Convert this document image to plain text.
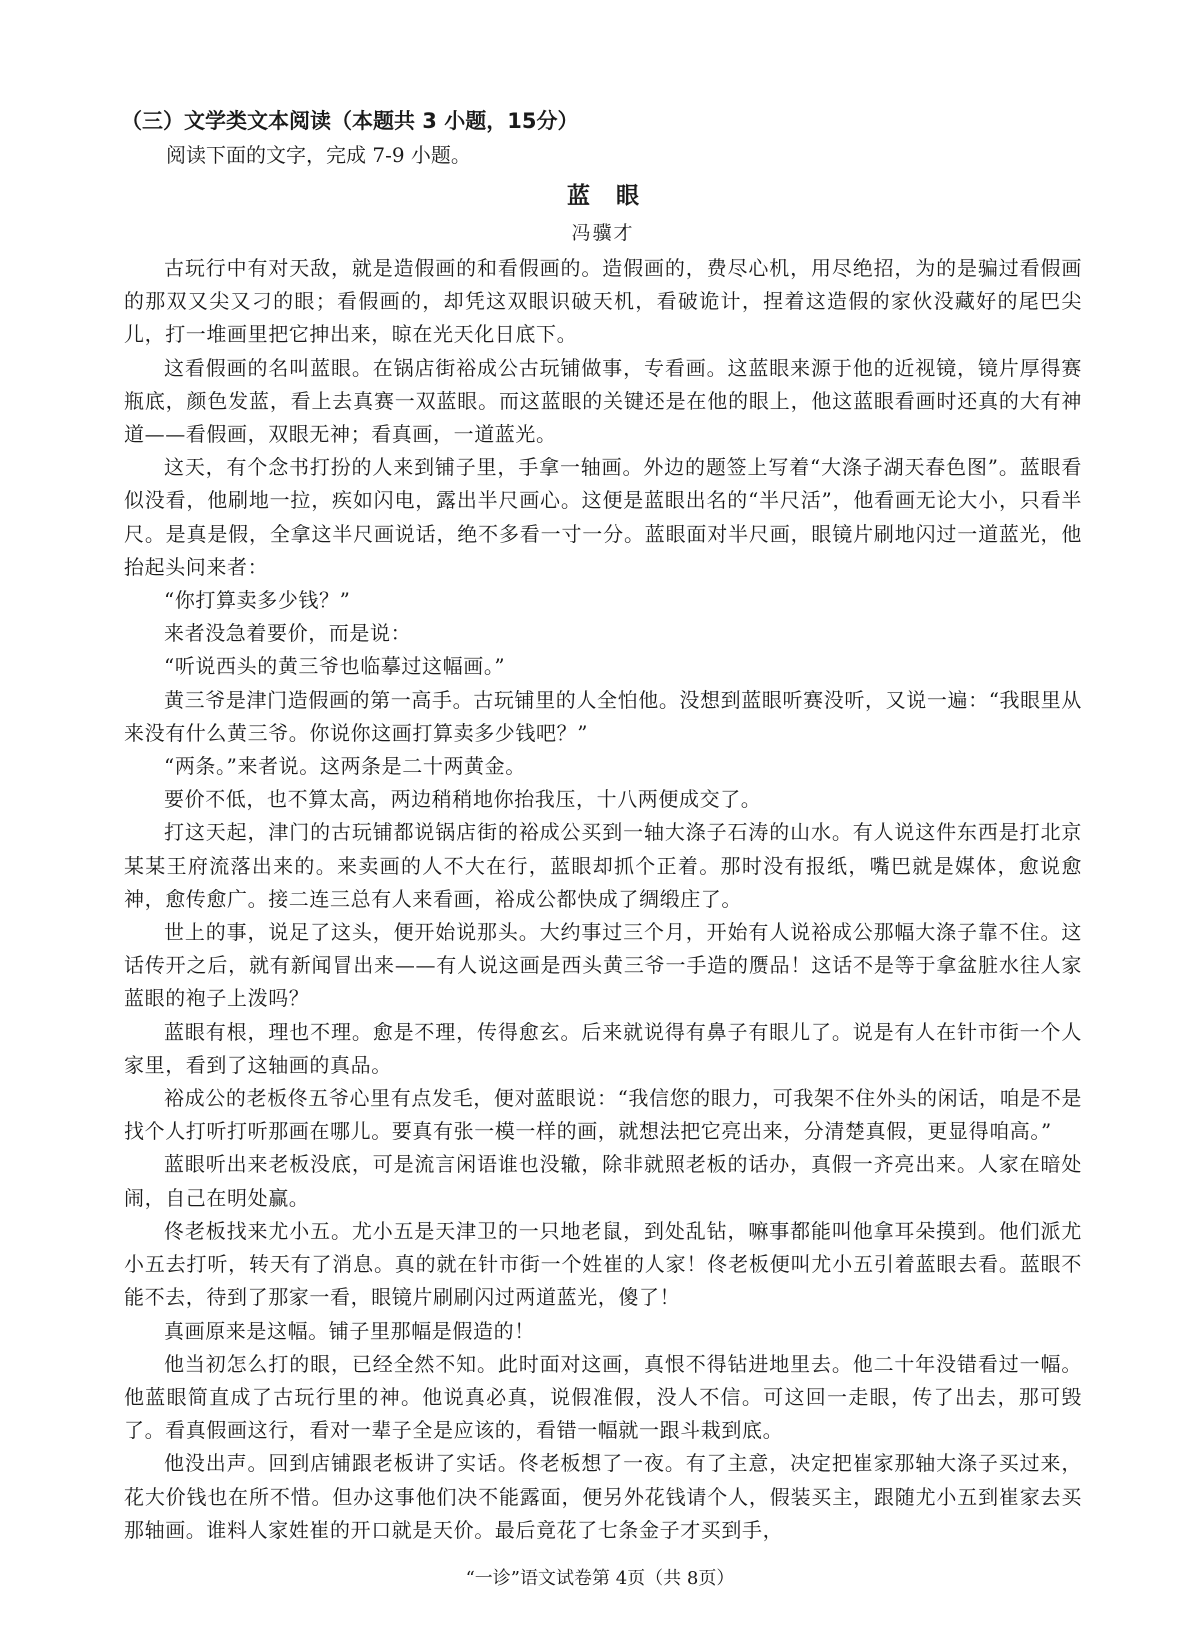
（三）文学类文本阅读（本题共 3 小题，15分）

阅读下面的文字，完成 7-9 小题。

蓝眼

冯骥才

古玩行中有对天敌，就是造假画的和看假画的。造假画的，费尽心机，用尽绝招，为的是骗过看假画的那双又尖又刁的眼；看假画的，却凭这双眼识破天机，看破诡计，捏着这造假的家伙没藏好的尾巴尖儿，打一堆画里把它抻出来，晾在光天化日底下。

这看假画的名叫蓝眼。在锅店街裕成公古玩铺做事，专看画。这蓝眼来源于他的近视镜，镜片厚得赛瓶底，颜色发蓝，看上去真赛一双蓝眼。而这蓝眼的关键还是在他的眼上，他这蓝眼看画时还真的大有神道——看假画，双眼无神；看真画，一道蓝光。

这天，有个念书打扮的人来到铺子里，手拿一轴画。外边的题签上写着“大涤子湖天春色图”。蓝眼看似没看，他刷地一拉，疾如闪电，露出半尺画心。这便是蓝眼出名的“半尺活”，他看画无论大小，只看半尺。是真是假，全拿这半尺画说话，绝不多看一寸一分。蓝眼面对半尺画，眼镜片刷地闪过一道蓝光，他抬起头问来者：

“你打算卖多少钱？”

来者没急着要价，而是说：

“听说西头的黄三爷也临摹过这幅画。”

黄三爷是津门造假画的第一高手。古玩铺里的人全怕他。没想到蓝眼听赛没听，又说一遍：“我眼里从来没有什么黄三爷。你说你这画打算卖多少钱吧？”

“两条。”来者说。这两条是二十两黄金。

要价不低，也不算太高，两边稍稍地你抬我压，十八两便成交了。

打这天起，津门的古玩铺都说锅店街的裕成公买到一轴大涤子石涛的山水。有人说这件东西是打北京某某王府流落出来的。来卖画的人不大在行，蓝眼却抓个正着。那时没有报纸，嘴巴就是媒体，愈说愈神，愈传愈广。接二连三总有人来看画，裕成公都快成了绸缎庄了。

世上的事，说足了这头，便开始说那头。大约事过三个月，开始有人说裕成公那幅大涤子靠不住。这话传开之后，就有新闻冒出来——有人说这画是西头黄三爷一手造的赝品！这话不是等于拿盆脏水往人家蓝眼的袍子上泼吗？

蓝眼有根，理也不理。愈是不理，传得愈玄。后来就说得有鼻子有眼儿了。说是有人在针市街一个人家里，看到了这轴画的真品。

裕成公的老板佟五爷心里有点发毛，便对蓝眼说：“我信您的眼力，可我架不住外头的闲话，咱是不是找个人打听打听那画在哪儿。要真有张一模一样的画，就想法把它亮出来，分清楚真假，更显得咱高。”

蓝眼听出来老板没底，可是流言闲语谁也没辙，除非就照老板的话办，真假一齐亮出来。人家在暗处闹，自己在明处赢。

佟老板找来尤小五。尤小五是天津卫的一只地老鼠，到处乱钻，嘛事都能叫他拿耳朵摸到。他们派尤小五去打听，转天有了消息。真的就在针市街一个姓崔的人家！佟老板便叫尤小五引着蓝眼去看。蓝眼不能不去，待到了那家一看，眼镜片刷刷闪过两道蓝光，傻了！

真画原来是这幅。铺子里那幅是假造的！

他当初怎么打的眼，已经全然不知。此时面对这画，真恨不得钻进地里去。他二十年没错看过一幅。他蓝眼简直成了古玩行里的神。他说真必真，说假准假，没人不信。可这回一走眼，传了出去，那可毁了。看真假画这行，看对一辈子全是应该的，看错一幅就一跟斗栽到底。

他没出声。回到店铺跟老板讲了实话。佟老板想了一夜。有了主意，决定把崔家那轴大涤子买过来，花大价钱也在所不惜。但办这事他们决不能露面，便另外花钱请个人，假装买主，跟随尤小五到崔家去买那轴画。谁料人家姓崔的开口就是天价。最后竟花了七条金子才买到手，

“一诊”语文试卷第 4页（共 8页）
